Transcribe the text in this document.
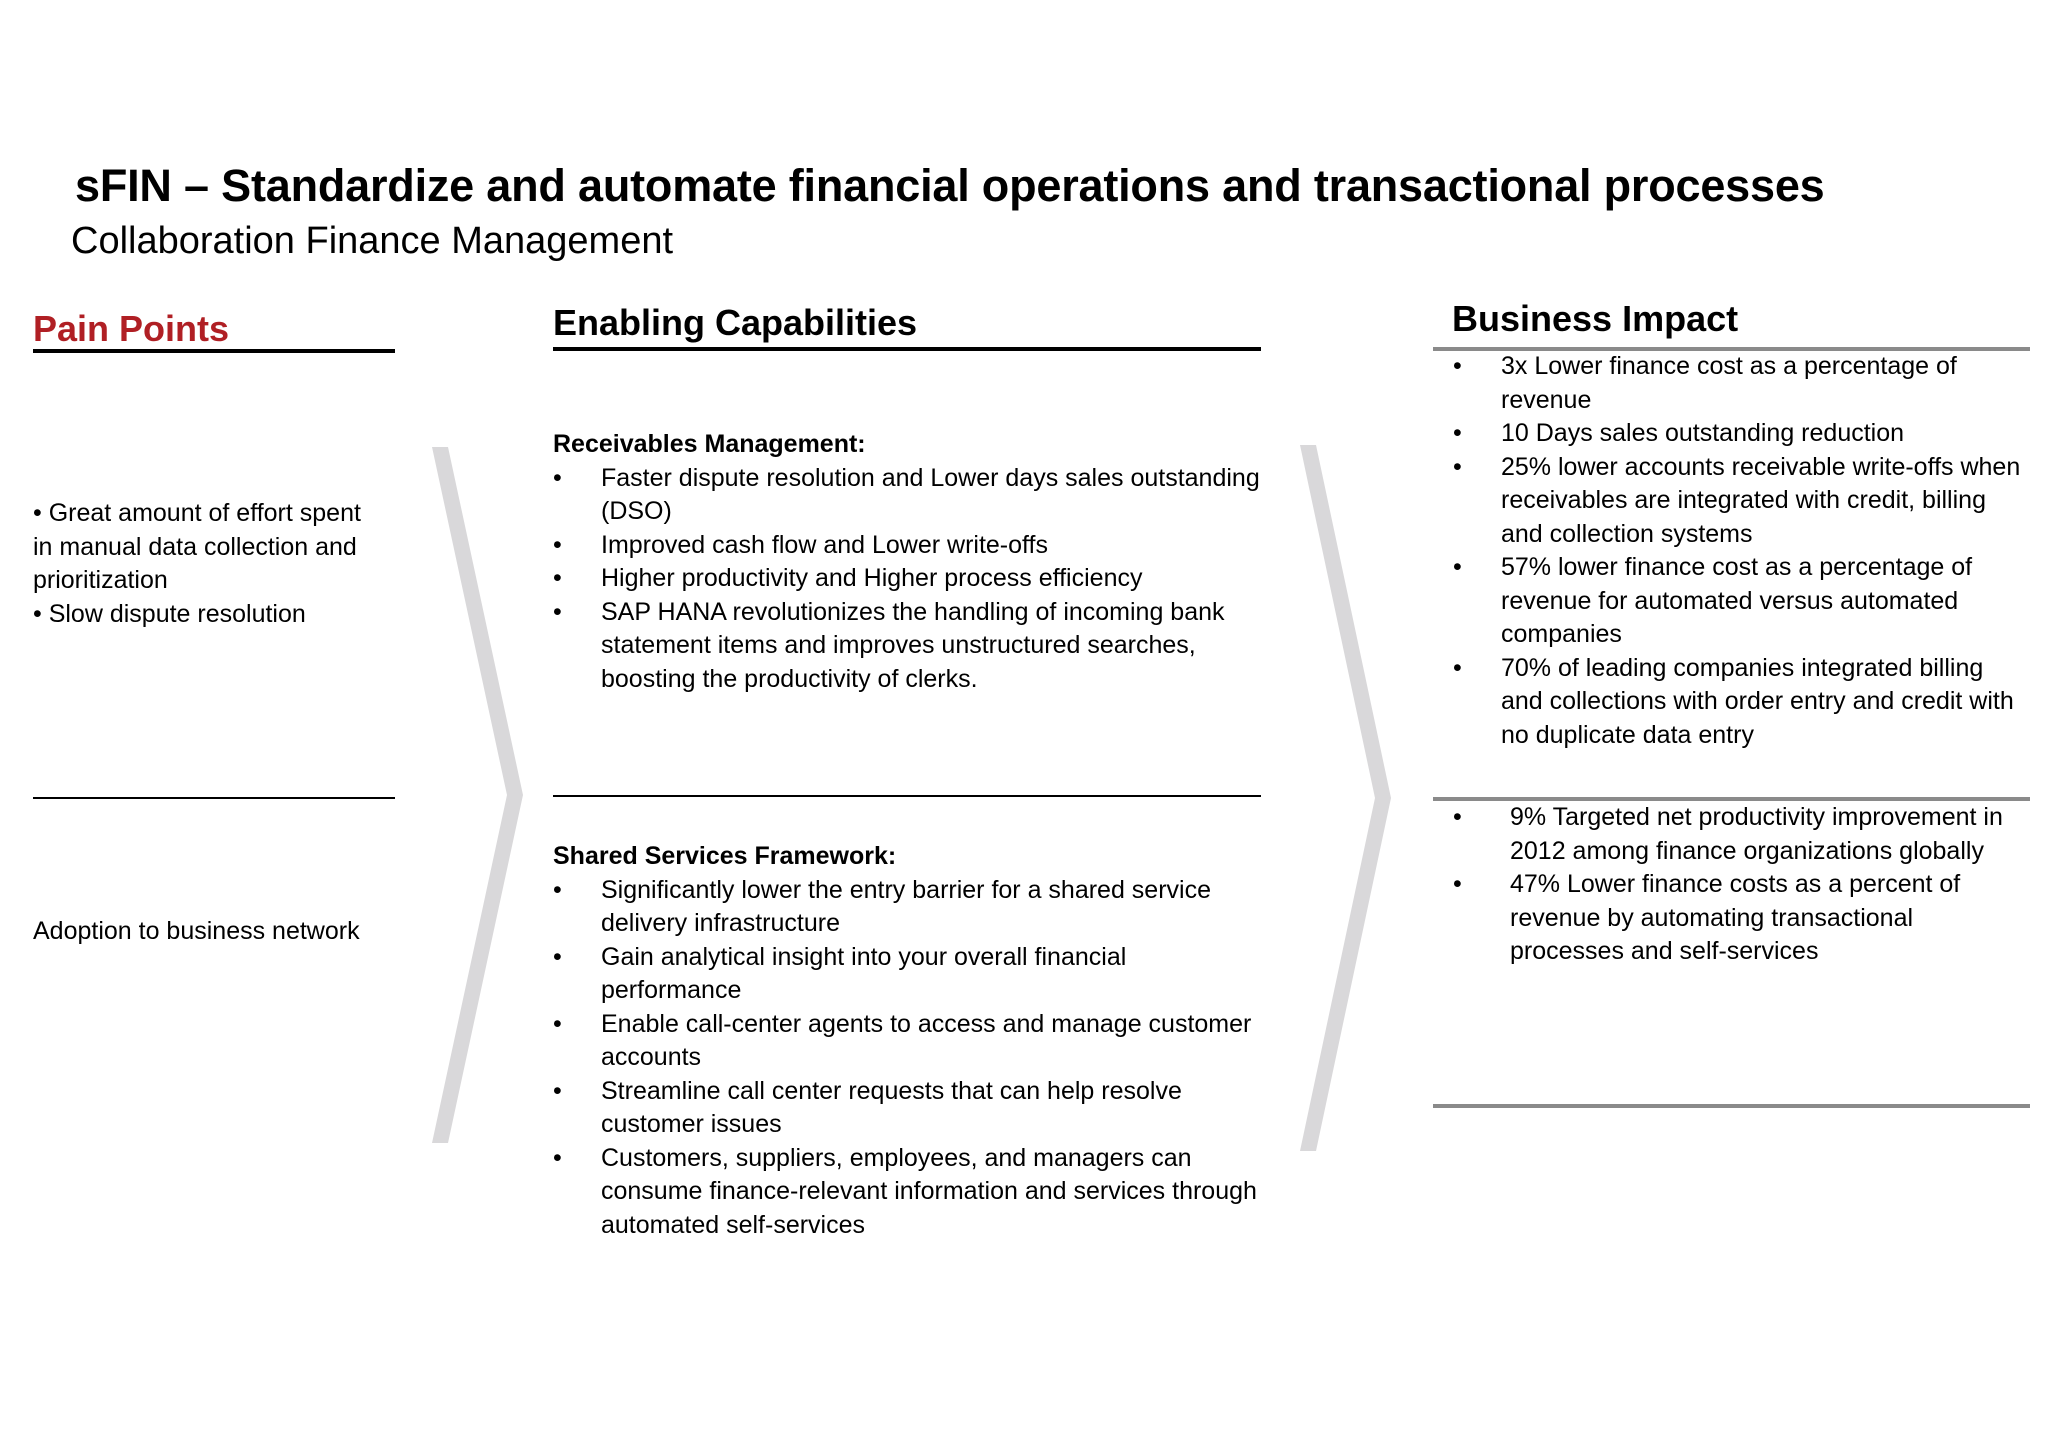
sFIN – Standardize and automate financial operations and transactional processes
Collaboration Finance Management
Pain Points	Enabling Capabilities	Business Impact
• Great amount of effort spent
in manual data collection and
prioritization
• Slow dispute resolution
Adoption to business network
Receivables Management:
• Faster dispute resolution and Lower days sales outstanding (DSO)
• Improved cash flow and Lower write-offs
• Higher productivity and Higher process efficiency
• SAP HANA revolutionizes the handling of incoming bank statement items and improves unstructured searches, boosting the productivity of clerks.
Shared Services Framework:
• Significantly lower the entry barrier for a shared service delivery infrastructure
• Gain analytical insight into your overall financial performance
• Enable call-center agents to access and manage customer accounts
• Streamline call center requests that can help resolve customer issues
• Customers, suppliers, employees, and managers can consume finance-relevant information and services through automated self-services
• 3x Lower finance cost as a percentage of revenue
• 10 Days sales outstanding reduction
• 25% lower accounts receivable write-offs when receivables are integrated with credit, billing and collection systems
• 57% lower finance cost as a percentage of revenue for automated versus automated companies
• 70% of leading companies integrated billing and collections with order entry and credit with no duplicate data entry
• 9% Targeted net productivity improvement in 2012 among finance organizations globally
• 47% Lower finance costs as a percent of revenue by automating transactional processes and self-services
